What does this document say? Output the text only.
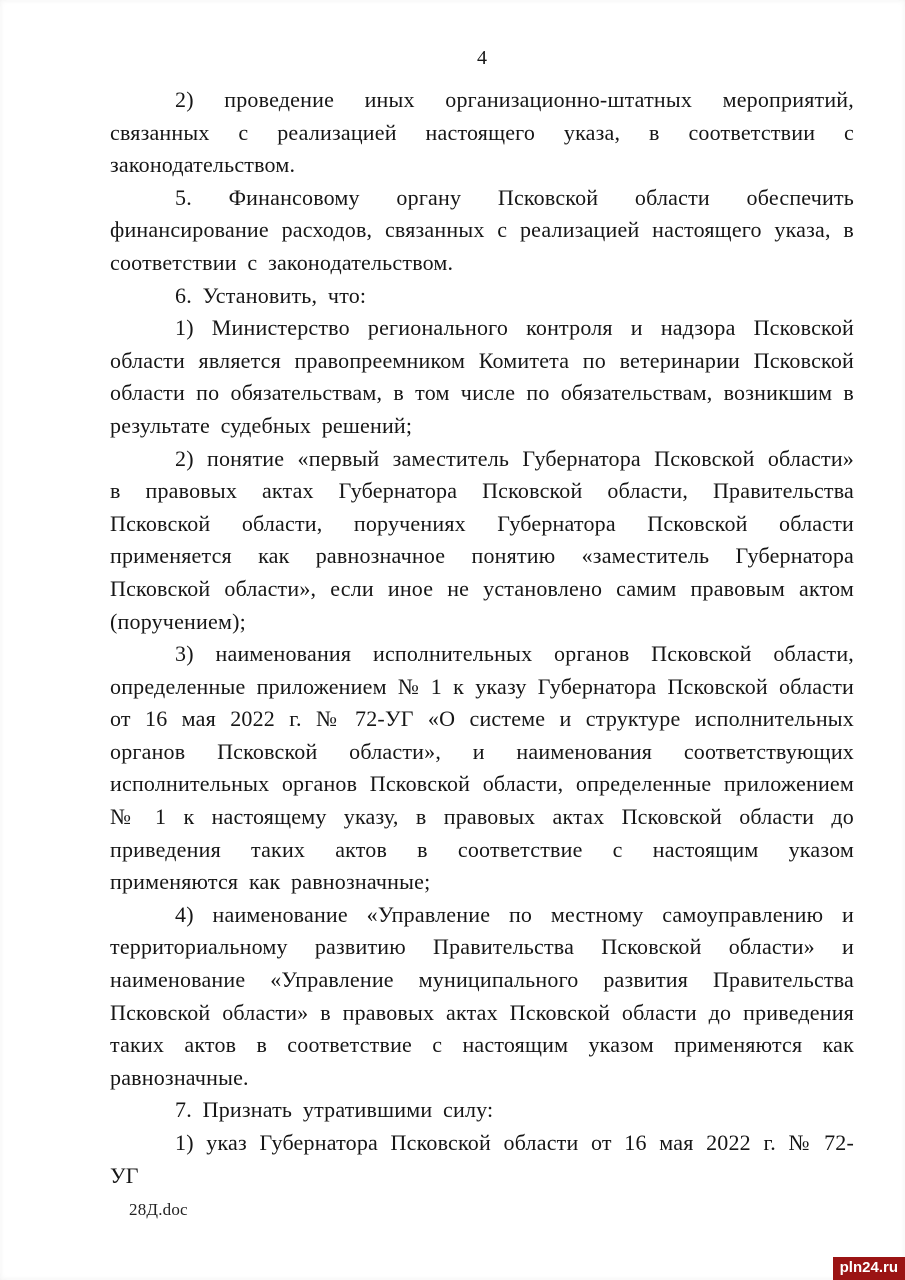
4

2) проведение иных организационно-штатных мероприятий, связанных с реализацией настоящего указа, в соответствии с законодательством.

5. Финансовому органу Псковской области обеспечить финансирование расходов, связанных с реализацией настоящего указа, в соответствии с законодательством.

6. Установить, что:

1) Министерство регионального контроля и надзора Псковской области является правопреемником Комитета по ветеринарии Псковской области по обязательствам, в том числе по обязательствам, возникшим в результате судебных решений;

2) понятие «первый заместитель Губернатора Псковской области» в правовых актах Губернатора Псковской области, Правительства Псковской области, поручениях Губернатора Псковской области применяется как равнозначное понятию «заместитель Губернатора Псковской области», если иное не установлено самим правовым актом (поручением);

3) наименования исполнительных органов Псковской области, определенные приложением № 1 к указу Губернатора Псковской области от 16 мая 2022 г. № 72-УГ «О системе и структуре исполнительных органов Псковской области», и наименования соответствующих исполнительных органов Псковской области, определенные приложением № 1 к настоящему указу, в правовых актах Псковской области до приведения таких актов в соответствие с настоящим указом применяются как равнозначные;

4) наименование «Управление по местному самоуправлению и территориальному развитию Правительства Псковской области» и наименование «Управление муниципального развития Правительства Псковской области» в правовых актах Псковской области до приведения таких актов в соответствие с настоящим указом применяются как равнозначные.

7. Признать утратившими силу:

1) указ Губернатора Псковской области от 16 мая 2022 г. № 72-УГ

28Д.doc
pln24.ru
